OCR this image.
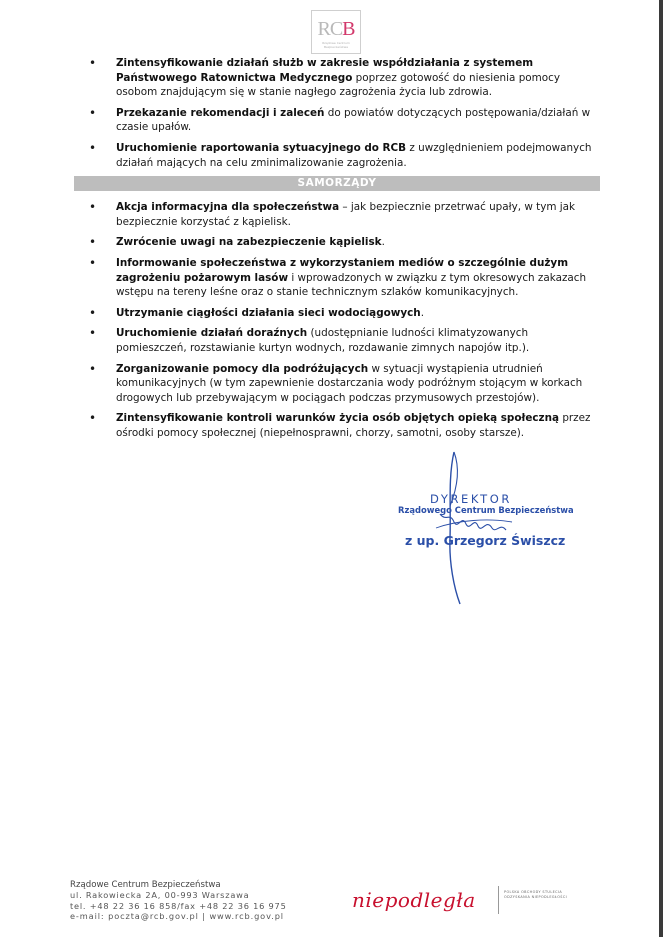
RCB
Rządowe Centrum Bezpieczeństwa
• Zintensyfikowanie działań służb w zakresie współdziałania z systemem Państwowego Ratownictwa Medycznego poprzez gotowość do niesienia pomocy osobom znajdującym się w stanie nagłego zagrożenia życia lub zdrowia.
• Przekazanie rekomendacji i zaleceń do powiatów dotyczących postępowania/działań w czasie upałów.
• Uruchomienie raportowania sytuacyjnego do RCB z uwzględnieniem podejmowanych działań mających na celu zminimalizowanie zagrożenia.
SAMORZĄDY
• Akcja informacyjna dla społeczeństwa – jak bezpiecznie przetrwać upały, w tym jak bezpiecznie korzystać z kąpielisk.
• Zwrócenie uwagi na zabezpieczenie kąpielisk.
• Informowanie społeczeństwa z wykorzystaniem mediów o szczególnie dużym zagrożeniu pożarowym lasów i wprowadzonych w związku z tym okresowych zakazach wstępu na tereny leśne oraz o stanie technicznym szlaków komunikacyjnych.
• Utrzymanie ciągłości działania sieci wodociągowych.
• Uruchomienie działań doraźnych (udostępnianie ludności klimatyzowanych pomieszczeń, rozstawianie kurtyn wodnych, rozdawanie zimnych napojów itp.).
• Zorganizowanie pomocy dla podróżujących w sytuacji wystąpienia utrudnień komunikacyjnych (w tym zapewnienie dostarczania wody podróżnym stojącym w korkach drogowych lub przebywającym w pociągach podczas przymusowych przestojów).
• Zintensyfikowanie kontroli warunków życia osób objętych opieką społeczną przez ośrodki pomocy społecznej (niepełnosprawni, chorzy, samotni, osoby starsze).
DYREKTOR
Rządowego Centrum Bezpieczeństwa
z up. Grzegorz Świszcz
Rządowe Centrum Bezpieczeństwa
ul. Rakowiecka 2A, 00-993 Warszawa
tel. +48 22 36 16 858/fax +48 22 36 16 975
e-mail: poczta@rcb.gov.pl | www.rcb.gov.pl
niepodległa	POLSKA OBCHODY STULECIA ODZYSKANIA NIEPODLEGŁOŚCI
